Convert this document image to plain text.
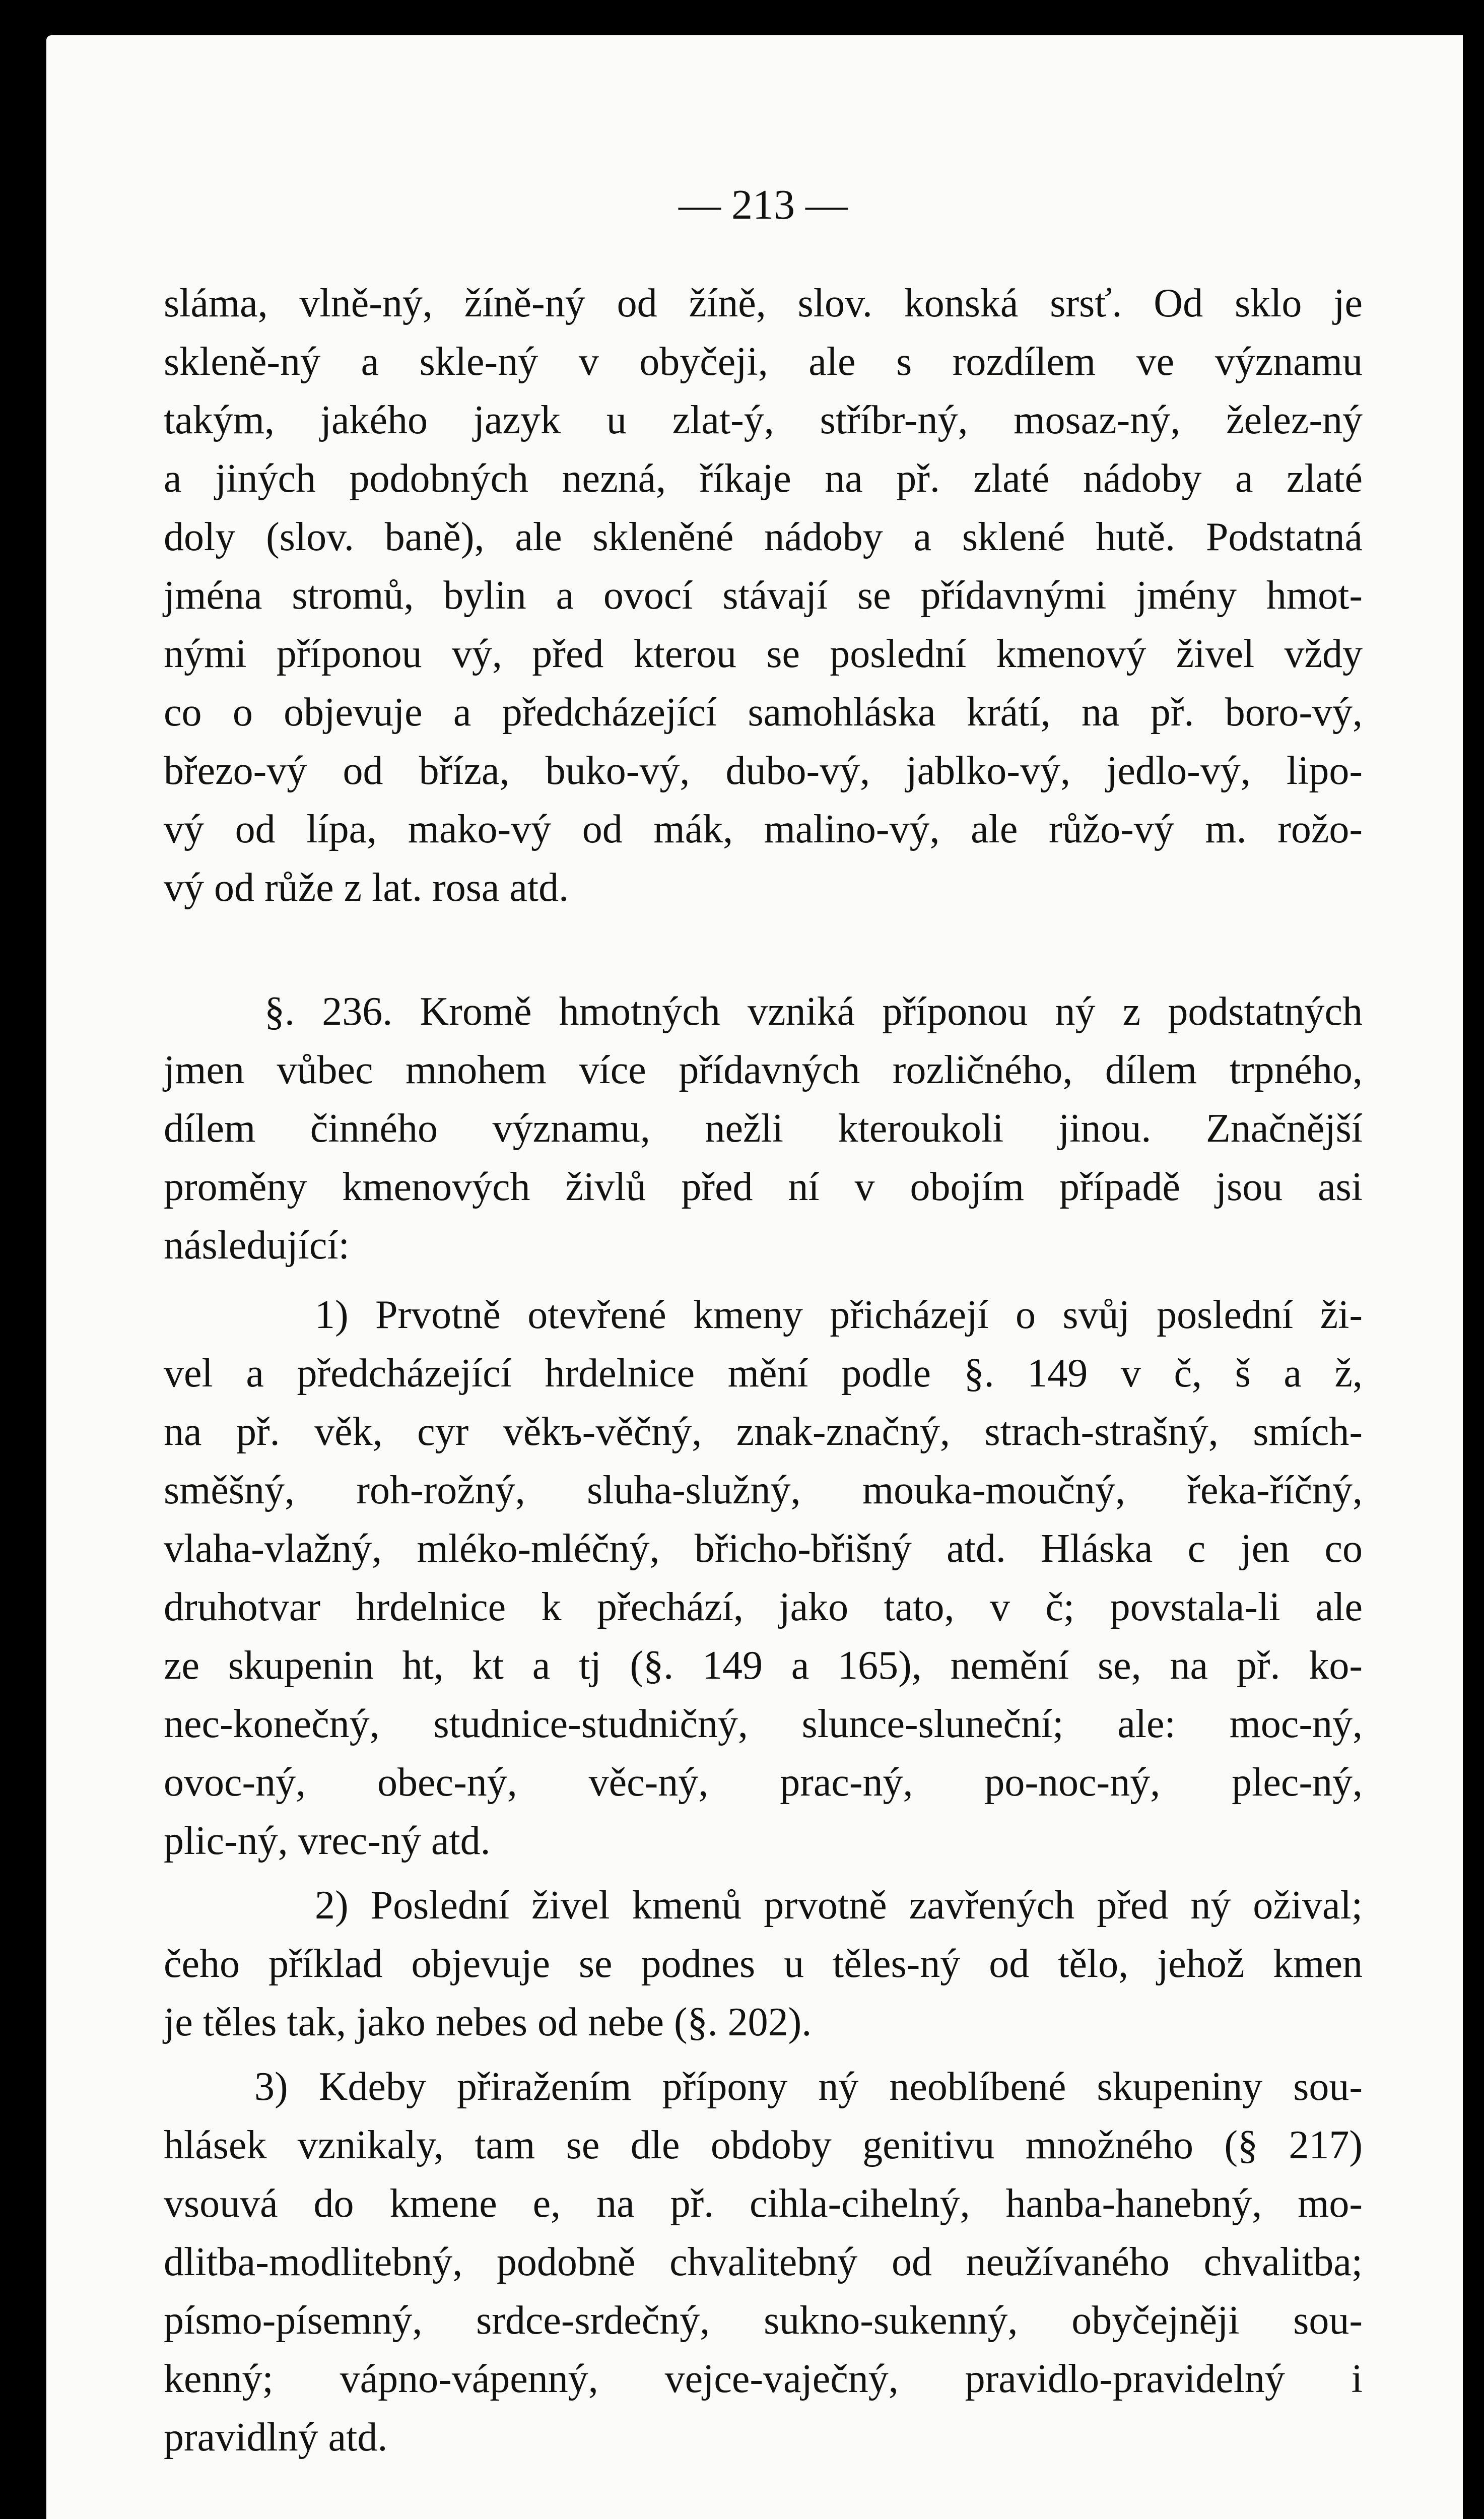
— 213 —
sláma, vlně-ný, žíně-ný od žíně, slov. konská srsť. Od sklo je
skleně-ný a skle-ný v obyčeji, ale s rozdílem ve významu
takým, jakého jazyk u zlat-ý, stříbr-ný, mosaz-ný, želez-ný
a jiných podobných nezná, říkaje na př. zlaté nádoby a zlaté
doly (slov. baně), ale skleněné nádoby a sklené hutě. Podstatná
jména stromů, bylin a ovocí stávají se přídavnými jmény hmot-
nými příponou vý, před kterou se poslední kmenový živel vždy
co o objevuje a předcházející samohláska krátí, na př. boro-vý,
březo-vý od bříza, buko-vý, dubo-vý, jablko-vý, jedlo-vý, lipo-
vý od lípa, mako-vý od mák, malino-vý, ale růžo-vý m. rožo-
vý od růže z lat. rosa atd.
§. 236. Kromě hmotných vzniká příponou ný z podstatných
jmen vůbec mnohem více přídavných rozličného, dílem trpného,
dílem činného významu, nežli kteroukoli jinou. Značnější
proměny kmenových živlů před ní v obojím případě jsou asi
následující:
1) Prvotně otevřené kmeny přicházejí o svůj poslední ži-
vel a předcházející hrdelnice mění podle §. 149 v č, š a ž,
na př. věk, cyr věkъ-věčný, znak-značný, strach-strašný, smích-
směšný, roh-rožný, sluha-služný, mouka-moučný, řeka-říčný,
vlaha-vlažný, mléko-mléčný, břicho-břišný atd. Hláska c jen co
druhotvar hrdelnice k přechází, jako tato, v č; povstala-li ale
ze skupenin ht, kt a tj (§. 149 a 165), nemění se, na př. ko-
nec-konečný, studnice-studničný, slunce-sluneční; ale: moc-ný,
ovoc-ný, obec-ný, věc-ný, prac-ný, po-noc-ný, plec-ný,
plic-ný, vrec-ný atd.
2) Poslední živel kmenů prvotně zavřených před ný ožival;
čeho příklad objevuje se podnes u těles-ný od tělo, jehož kmen
je těles tak, jako nebes od nebe (§. 202).
3) Kdeby přiražením přípony ný neoblíbené skupeniny sou-
hlásek vznikaly, tam se dle obdoby genitivu množného (§ 217)
vsouvá do kmene e, na př. cihla-cihelný, hanba-hanebný, mo-
dlitba-modlitebný, podobně chvalitebný od neužívaného chvalitba;
písmo-písemný, srdce-srdečný, sukno-sukenný, obyčejněji sou-
kenný; vápno-vápenný, vejce-vaječný, pravidlo-pravidelný i
pravidlný atd.
